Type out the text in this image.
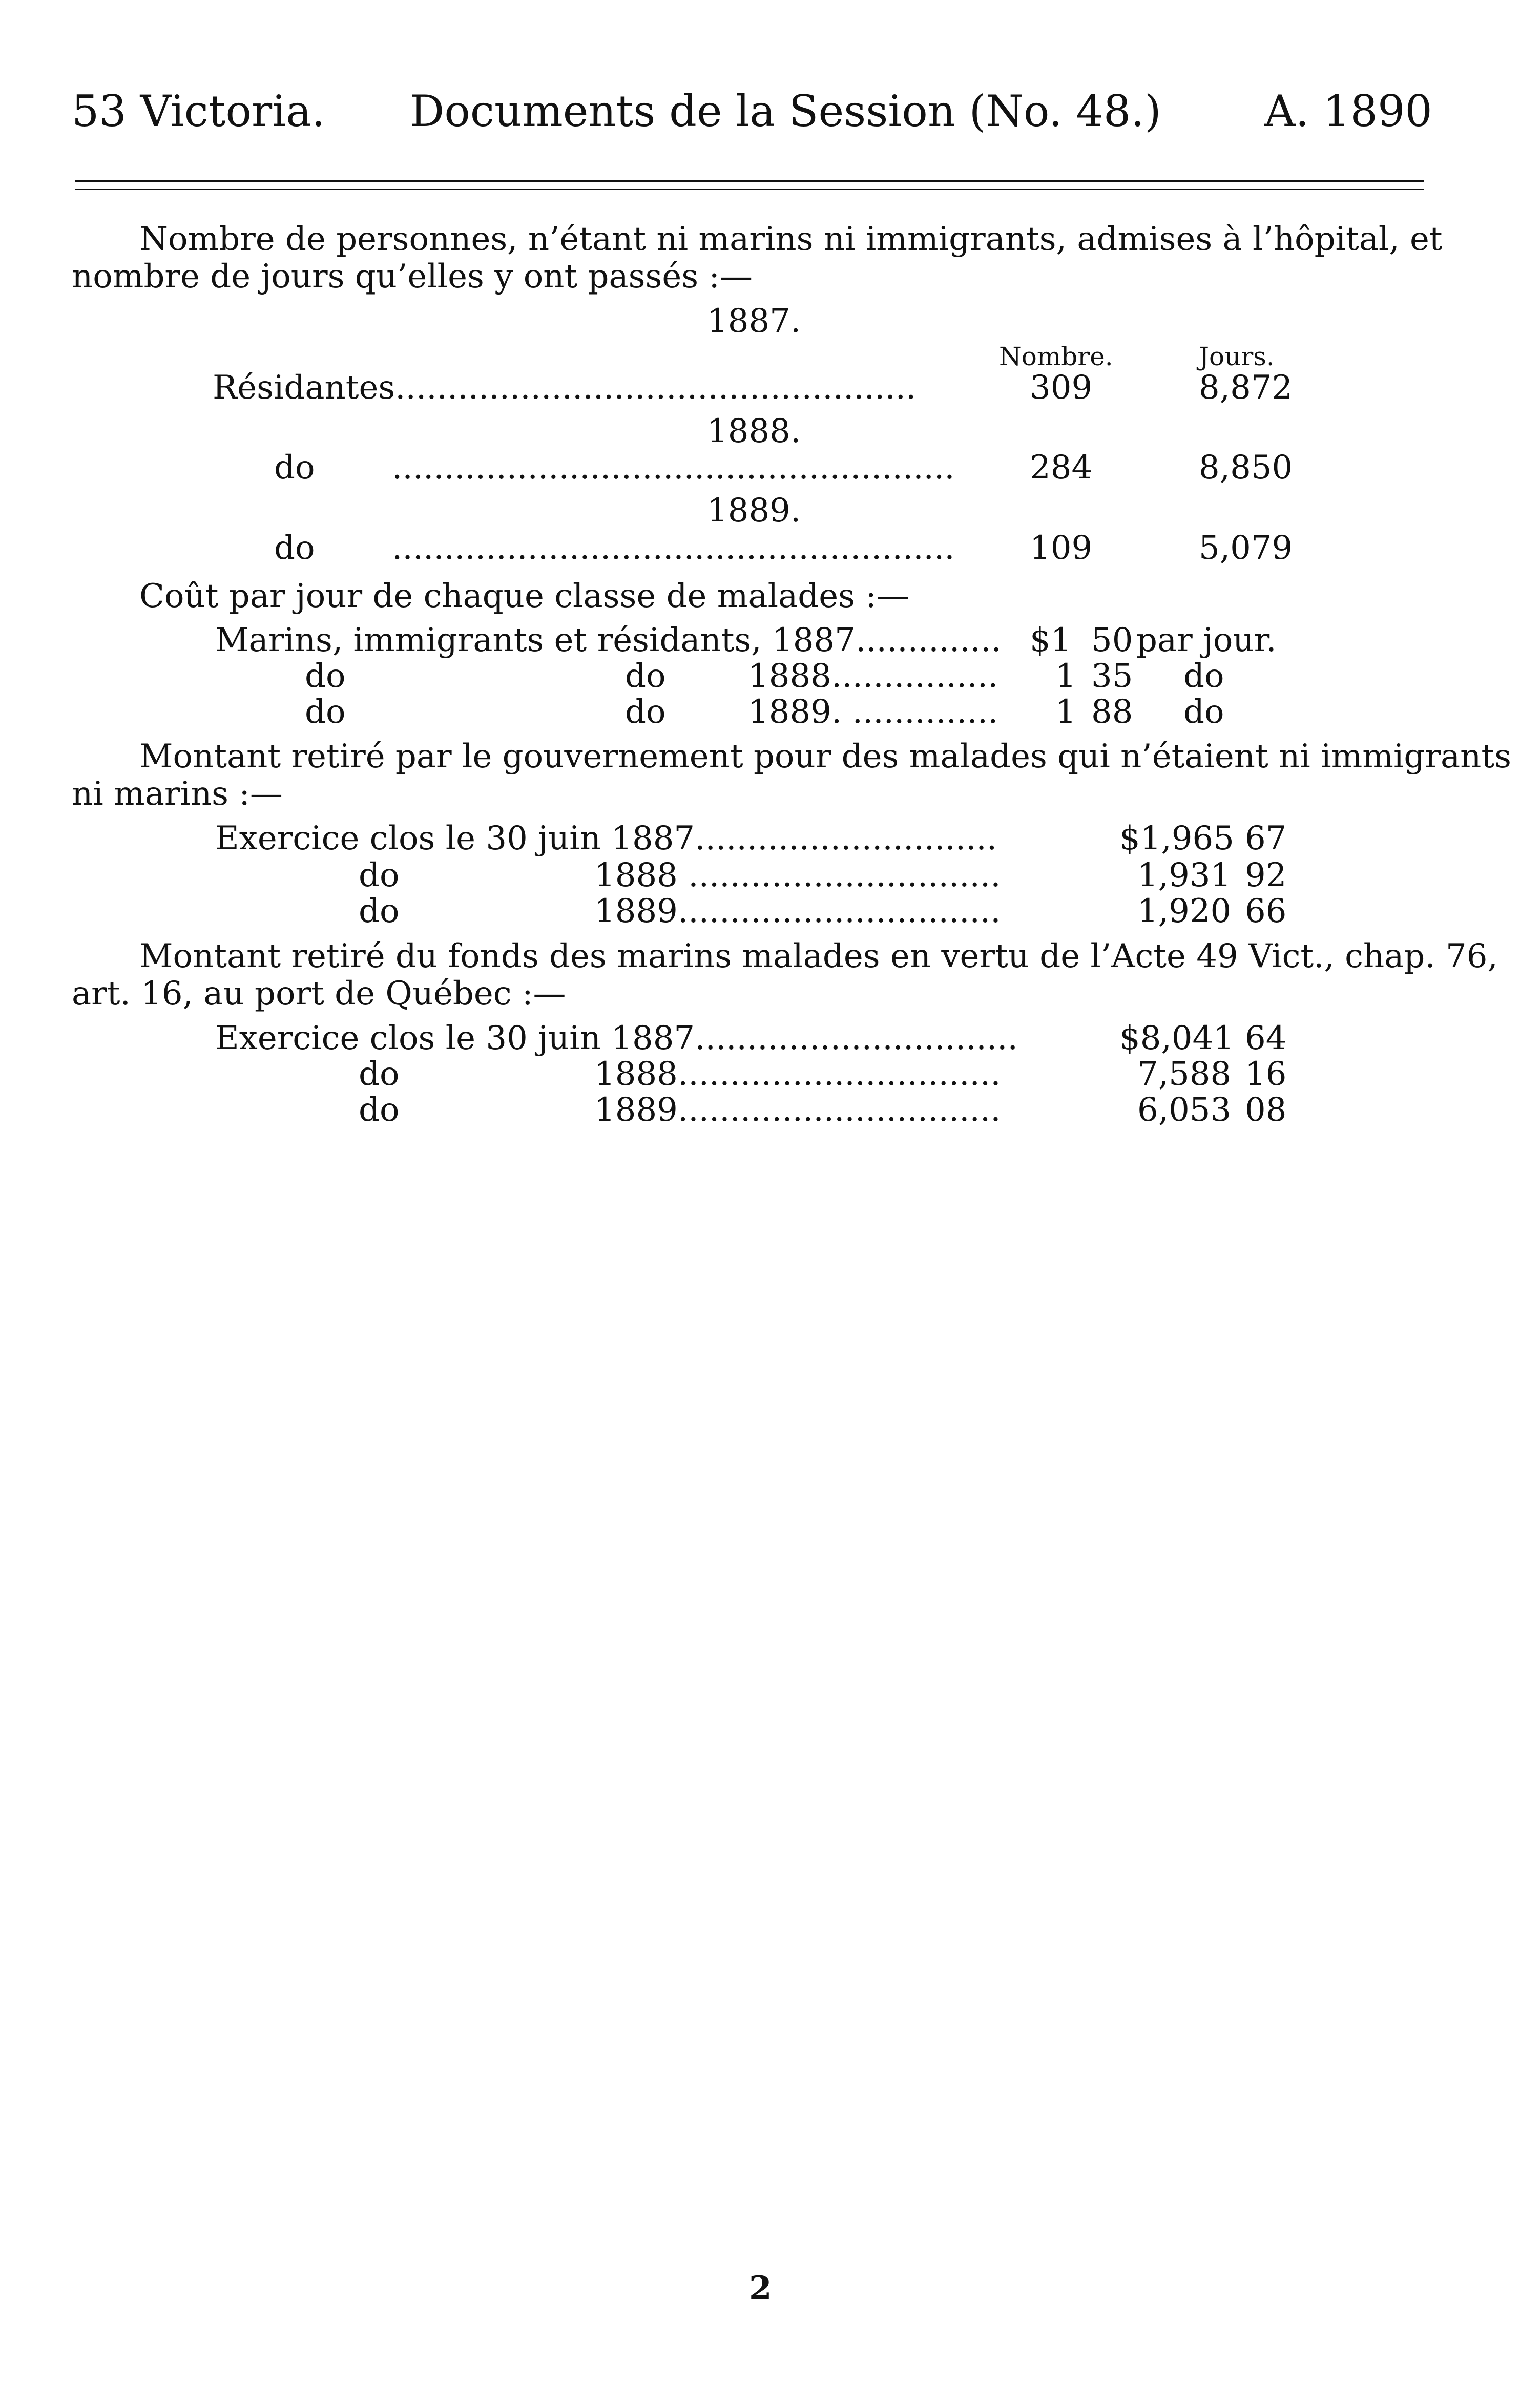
53 Victoria. Documents de la Session (No. 48.) A. 1890
Nombre de personnes, n’étant ni marins ni immigrants, admises à l’hôpital, et
nombre de jours qu’elles y ont passés :—
1887.
Nombre.	Jours.
Résidantes..................................................	309	8,872
1888.
do ...................................................... 284	8,850
1889.
do ...................................................... 109	5,079
Coût par jour de chaque classe de malades :—
Marins, immigrants et résidants, 1887.............. $1 50 par jour.
do	do	1888................ 1 35 do
do	do	1889. .............. 1 88 do
Montant retiré par le gouvernement pour des malades qui n’étaient ni immigrants
ni marins :—
Exercice clos le 30 juin 1887.............................	$1,965 67
do	1888 ..............................	1,931 92
do	1889...............................	1,920 66
Montant retiré du fonds des marins malades en vertu de l’Acte 49 Vict., chap. 76,
art. 16, au port de Québec :—
Exercice clos le 30 juin 1887...............................	$8,041 64
do	1888...............................	7,588 16
do	1889...............................	6,053 08
2
